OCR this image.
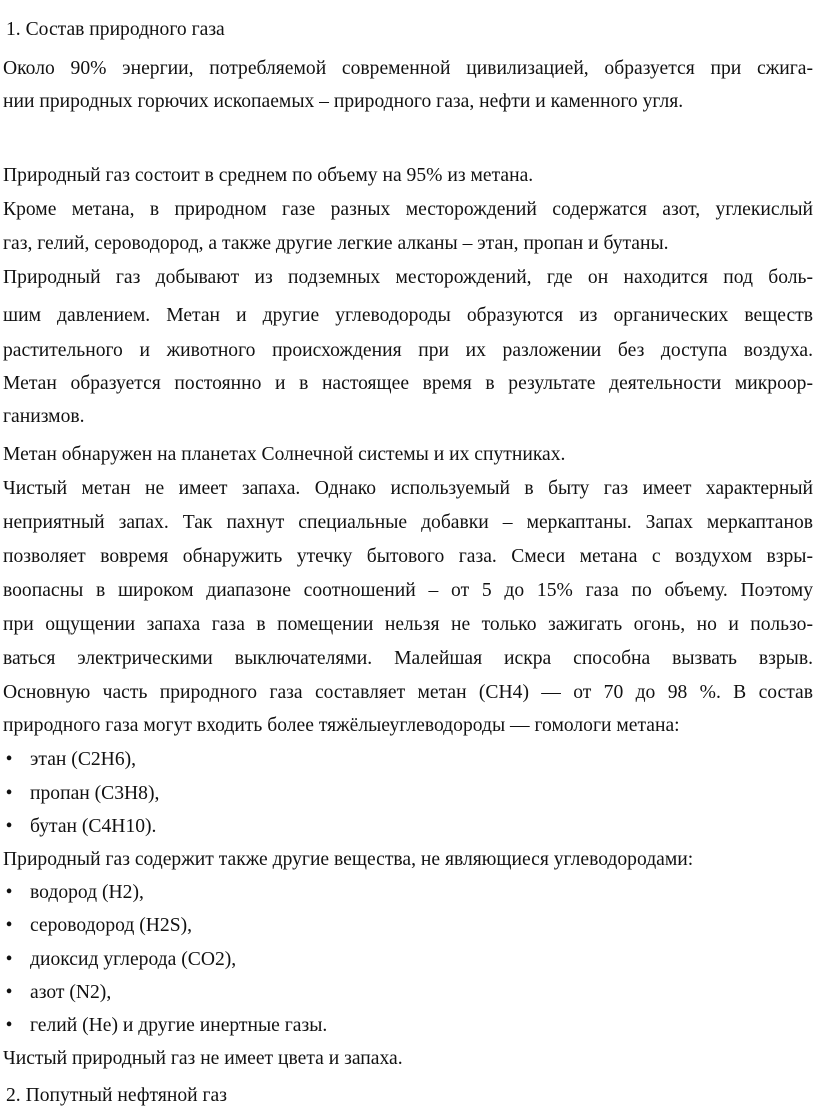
1. Состав природного газа
Около 90% энергии, потребляемой современной цивилизацией, образуется при сжига-
нии природных горючих ископаемых – природного газа, нефти и каменного угля.
Природный газ состоит в среднем по объему на 95% из метана.
Кроме метана, в природном газе разных месторождений содержатся азот, углекислый
газ, гелий, сероводород, а также другие легкие алканы – этан, пропан и бутаны.
Природный газ добывают из подземных месторождений, где он находится под боль-
шим давлением. Метан и другие углеводороды образуются из органических веществ
растительного и животного происхождения при их разложении без доступа воздуха.
Метан образуется постоянно и в настоящее время в результате деятельности микроор-
ганизмов.
Метан обнаружен на планетах Солнечной системы и их спутниках.
Чистый метан не имеет запаха. Однако используемый в быту газ имеет характерный
неприятный запах. Так пахнут специальные добавки – меркаптаны. Запах меркаптанов
позволяет вовремя обнаружить утечку бытового газа. Смеси метана с воздухом взры-
воопасны в широком диапазоне соотношений – от 5 до 15% газа по объему. Поэтому
при ощущении запаха газа в помещении нельзя не только зажигать огонь, но и пользо-
ваться электрическими выключателями. Малейшая искра способна вызвать взрыв.
Основную часть природного газа составляет метан (CH4) — от 70 до 98 %. В состав
природного газа могут входить более тяжёлыеуглеводороды — гомологи метана:
• этан (C2H6),
• пропан (C3H8),
• бутан (C4H10).
Природный газ содержит также другие вещества, не являющиеся углеводородами:
• водород (H2),
• сероводород (H2S),
• диоксид углерода (CO2),
• азот (N2),
• гелий (Не) и другие инертные газы.
Чистый природный газ не имеет цвета и запаха.
2. Попутный нефтяной газ
